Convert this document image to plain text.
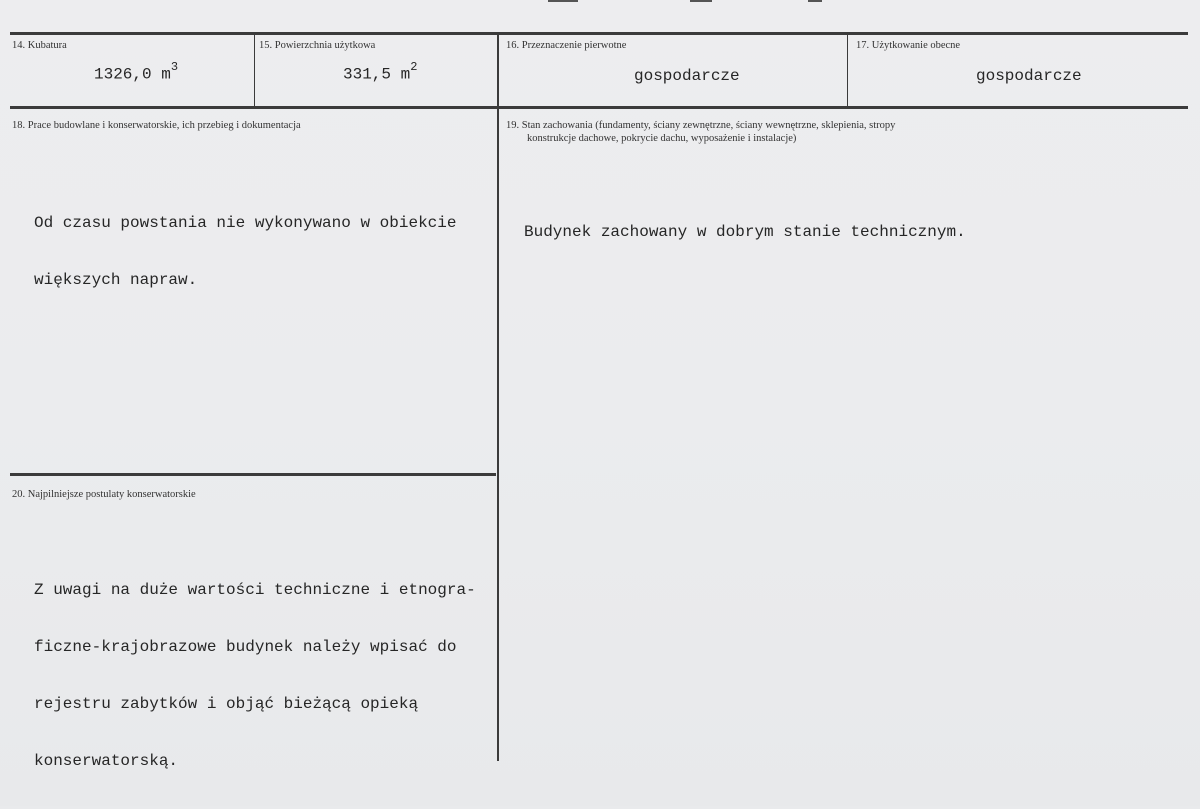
14. Kubatura
1326,0 $m^3$
15. Powierzchnia użytkowa
331,5 $m^2$
16. Przeznaczenie pierwotne
gospodarcze
17. Użytkowanie obecne
gospodarcze
18. Prace budowlane i konserwatorskie, ich przebieg i dokumentacja

Od czasu powstania nie wykonywano w obiekcie

większych napraw.

19. Stan zachowania (fundamenty, ściany zewnętrzne, ściany wewnętrzne, sklepienia, stropy
konstrukcje dachowe, pokrycie dachu, wyposażenie i instalacje)

Budynek zachowany w dobrym stanie technicznym.

20. Najpilniejsze postulaty konserwatorskie

Z uwagi na duże wartości techniczne i etnogra-

ficzne-krajobrazowe budynek należy wpisać do

rejestru zabytków i objąć bieżącą opieką

konserwatorską.
